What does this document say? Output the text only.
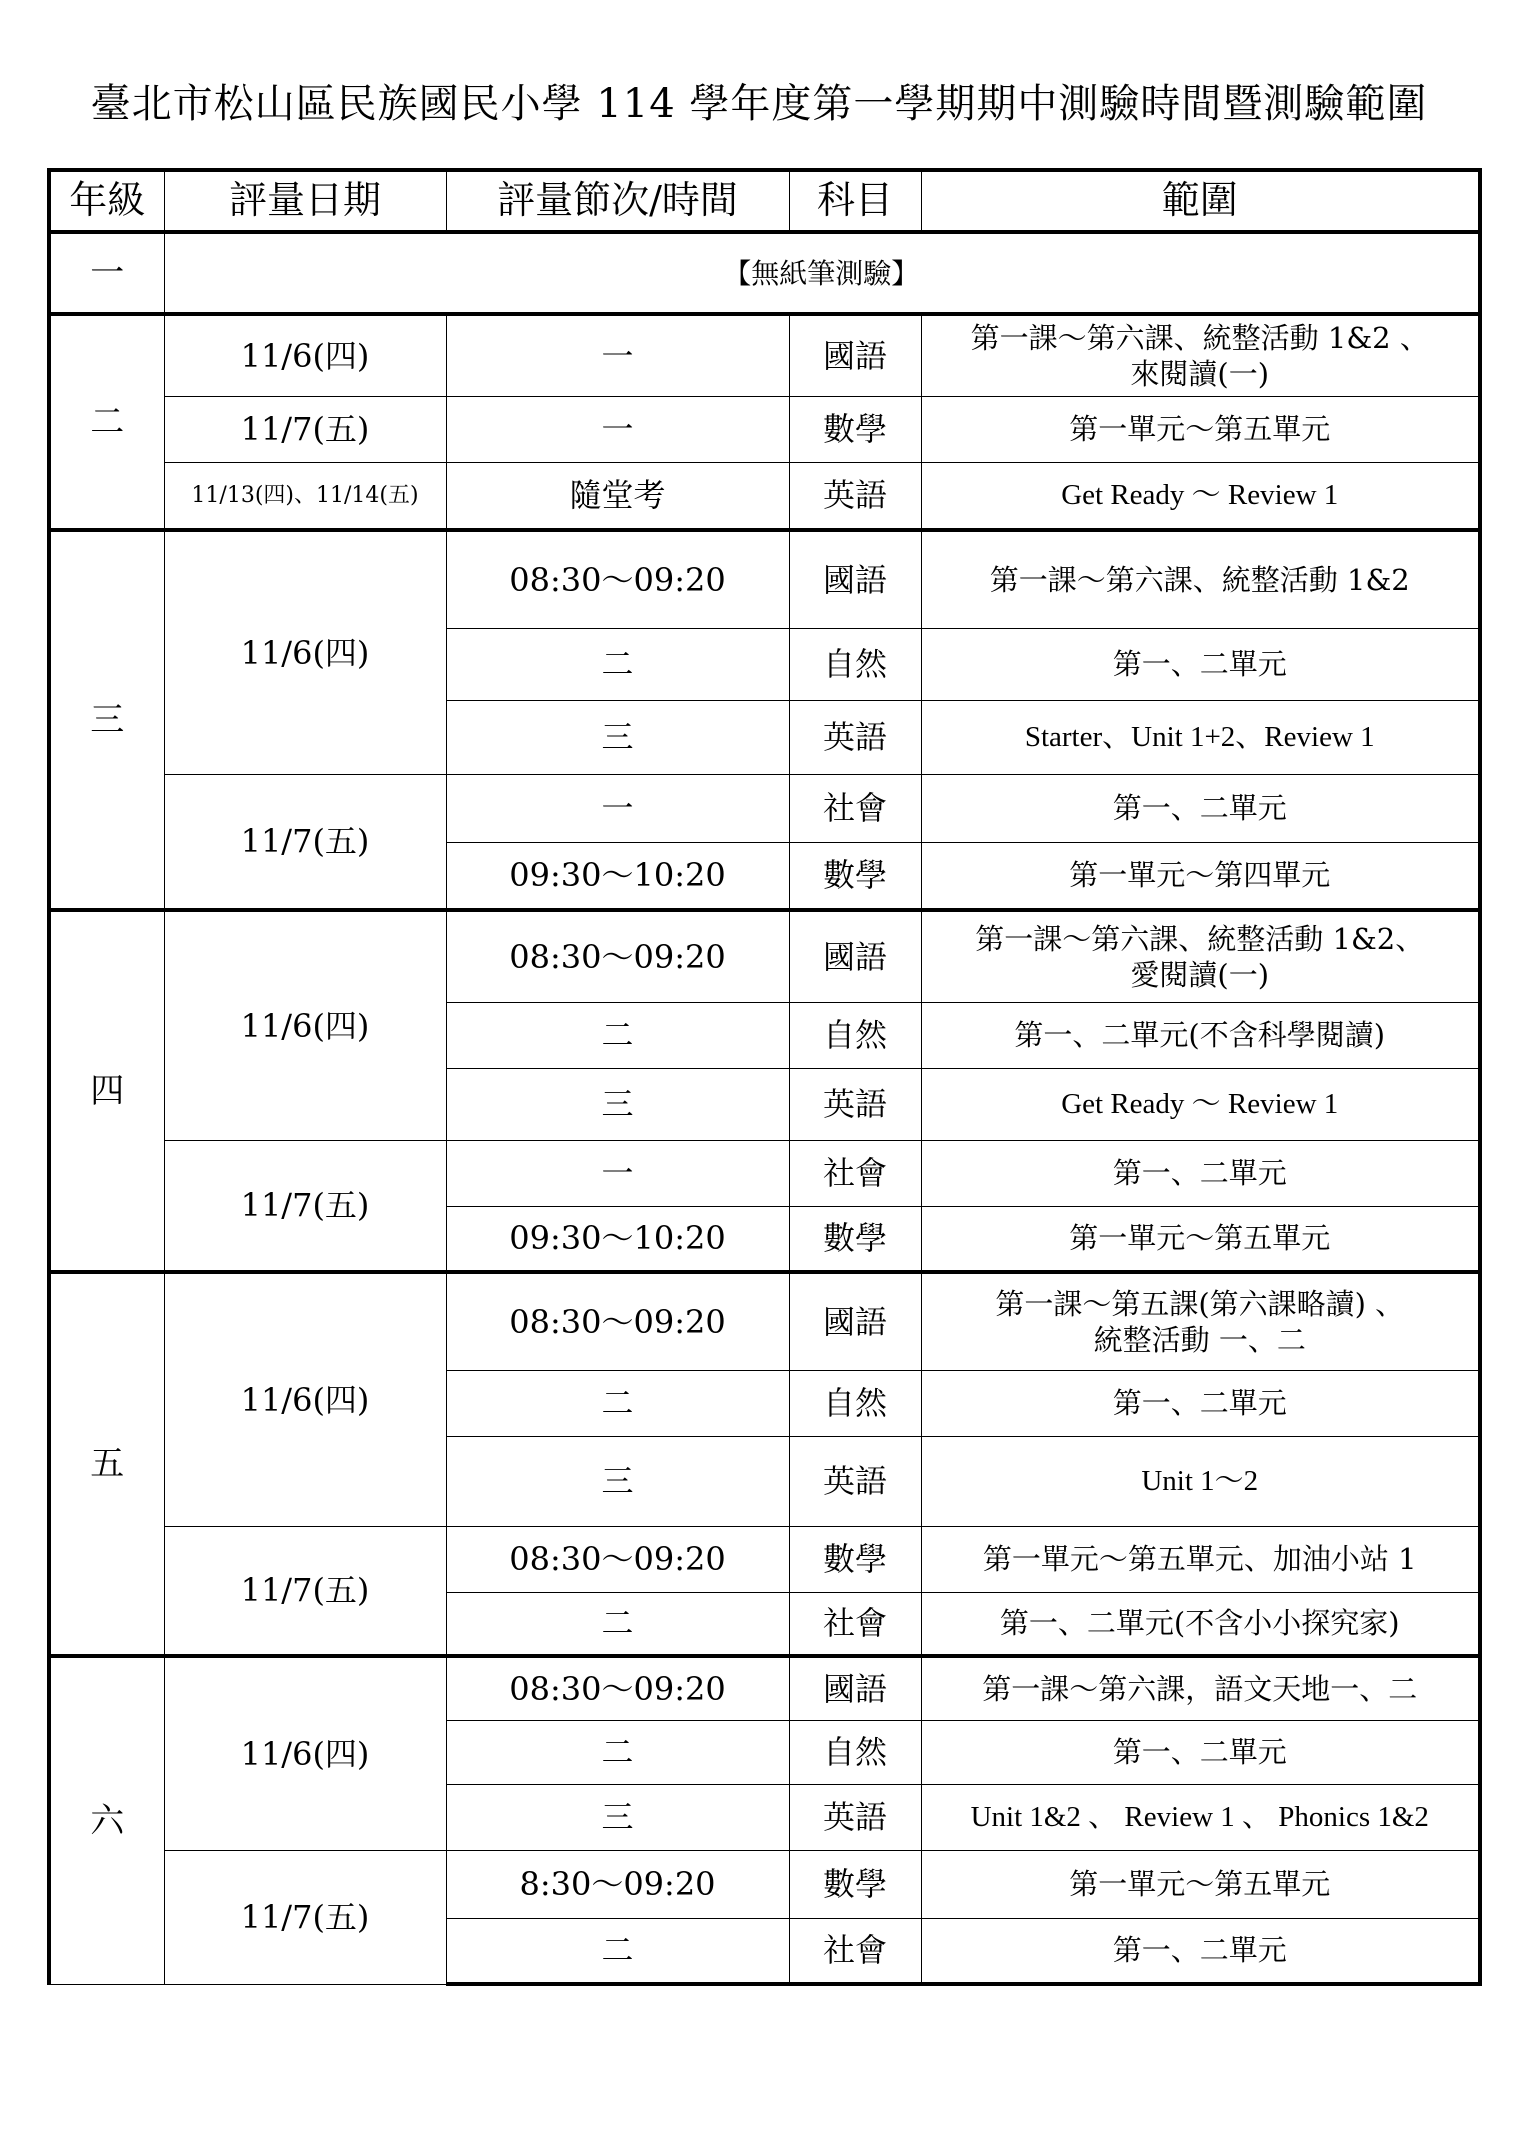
臺北市松山區民族國民小學 114 學年度第一學期期中測驗時間暨測驗範圍
年級	評量日期	評量節次/時間	科目	範圍
一	【無紙筆測驗】			
二	11/6(四)	一	國語	第一課～第六課、統整活動 1&2 、
來閱讀(一)

	11/7(五)	一	數學	第一單元～第五單元
	11/13(四)、11/14(五)	隨堂考	英語	Get Ready ～ Review 1
三	11/6(四)	08:30～09:20	國語	第一課～第六課、統整活動 1&2
		二	自然	第一、二單元
		三	英語	Starter、Unit 1+2、Review 1
	11/7(五)	一	社會	第一、二單元
		09:30～10:20	數學	第一單元～第四單元
四	11/6(四)	08:30～09:20	國語	第一課～第六課、統整活動 1&2、
愛閱讀(一)

		二	自然	第一、二單元(不含科學閱讀)
		三	英語	Get Ready ～ Review 1
	11/7(五)	一	社會	第一、二單元
		09:30～10:20	數學	第一單元～第五單元
五	11/6(四)	08:30～09:20	國語	第一課～第五課(第六課略讀) 、
統整活動 一、二

		二	自然	第一、二單元
		三	英語	Unit 1～2
	11/7(五)	08:30～09:20	數學	第一單元～第五單元、加油小站 1
		二	社會	第一、二單元(不含小小探究家)
六	11/6(四)	08:30～09:20	國語	第一課～第六課，語文天地一、二
		二	自然	第一、二單元
		三	英語	Unit 1&2 、 Review 1 、 Phonics 1&2
	11/7(五)	8:30～09:20	數學	第一單元～第五單元
		二	社會	第一、二單元
